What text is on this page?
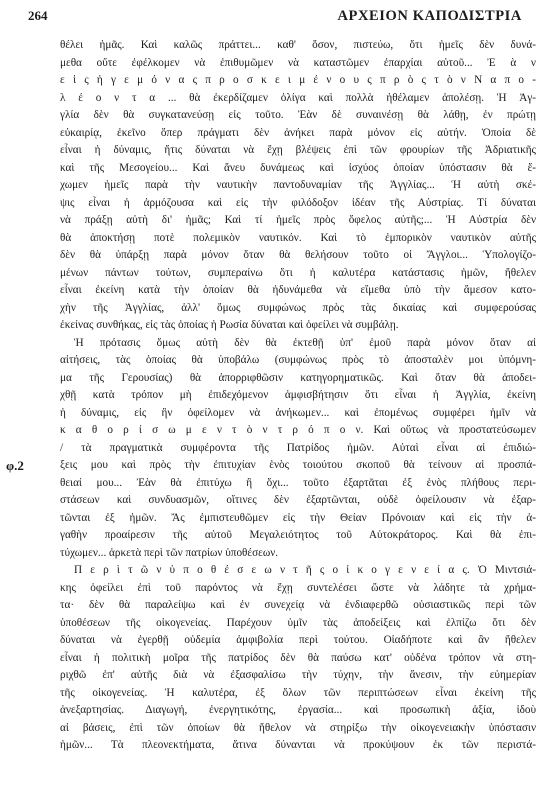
264	ΑΡΧΕΙΟΝ ΚΑΠΟΔΙΣΤΡΙΑ
φ.2
θέλει ἡμᾶς. Καὶ καλῶς πράττει... καθ' ὅσον, πιστεύω, ὅτι ἡμεῖς δὲν δυνά-
μεθα οὔτε ἐφέλκομεν νὰ ἐπιθυμῶμεν νὰ καταστῶμεν ἐπαρχίαι αὐτοῦ... Ἐ ὰ ν
ε ἰ ς ἡ γ ε μ ό ν α ς π ρ ο σ κ ε ι μ έ ν ο υ ς π ρ ὸ ς τ ὸ ν Ν α π ο -
λ έ ο ν τ α ... θὰ ἐκερδίζαμεν ὀλίγα καὶ πολλὰ ἠθέλαμεν ἀπολέσῃ. Ἡ Ἀγ-
γλία δὲν θὰ συγκατανεύσῃ εἰς τοῦτο. Ἐὰν δὲ συναινέσῃ θὰ λάθῃ, ἐν πρώτῃ
εὐκαιρίᾳ, ἐκεῖνο ὅπερ πράγματι δὲν ἀνήκει παρὰ μόνον εἰς αὐτήν. Ὁποία δὲ
εἶναι ἡ δύναμις, ἥτις δύναται νὰ ἔχῃ βλέψεις ἐπὶ τῶν φρουρίων τῆς Ἀδριατικῆς
καὶ τῆς Μεσογείου... Καὶ ἄνευ δυνάμεως καὶ ἰσχύος ὁποίαν ὑπόστασιν θὰ ἔ-
χωμεν ἡμεῖς παρὰ τὴν ναυτικὴν παντοδυναμίαν τῆς Ἀγγλίας... Ἡ αὐτὴ σκέ-
ψις εἶναι ἡ ἁρμόζουσα καὶ εἰς τὴν φιλόδοξον ἰδέαν τῆς Αὐστρίας. Τί δύναται
νὰ πράξῃ αὐτὴ δι' ἡμᾶς; Καὶ τί ἡμεῖς πρὸς ὄφελος αὐτῆς;... Ἡ Αὐστρία δὲν
θὰ ἀποκτήσῃ ποτὲ πολεμικὸν ναυτικόν. Καὶ τὸ ἐμπορικὸν ναυτικὸν αὐτῆς
δὲν θὰ ὑπάρξῃ παρὰ μόνον ὅταν θὰ θελήσουν τοῦτο οἱ Ἄγγλοι... Ὑπολογίζο-
μένων πάντων τούτων, συμπεραίνω ὅτι ἡ καλυτέρα κατάστασις ἡμῶν, ἤθελεν
εἶναι ἐκείνη κατὰ τὴν ὁποίαν θὰ ἠδυνάμεθα νὰ εἴμεθα ὑπὸ τὴν ἄμεσον κατο-
χὴν τῆς Ἀγγλίας, ἀλλ' ὅμως συμφώνως πρὸς τὰς δικαίας καὶ συμφερούσας
ἐκείνας συνθήκας, εἰς τὰς ὁποίας ἡ Ρωσία δύναται καὶ ὀφείλει νὰ συμβάλῃ.
Ἡ πρότασις ὅμως αὐτὴ δὲν θὰ ἐκτεθῇ ὑπ' ἐμοῦ παρὰ μόνον ὅταν αἱ
αἰτήσεις, τὰς ὁποίας θὰ ὑποβάλω (συμφώνως πρὸς τὸ ἀποσταλὲν μοι ὑπόμνη-
μα τῆς Γερουσίας) θὰ ἀπορριφθῶσιν κατηγορηματικῶς. Καὶ ὅταν θὰ ἀποδει-
χθῇ κατὰ τρόπον μὴ ἐπιδεχόμενον ἀμφισβήτησιν ὅτι εἶναι ἡ Ἀγγλία, ἐκείνη
ἡ δύναμις, εἰς ἣν ὀφείλομεν νὰ ἀνήκωμεν... καὶ ἐπομένως συμφέρει ἡμῖν νὰ
κ α θ ο ρ ί σ ω μ ε ν τ ὸ ν τ ρ ό π ο ν. Καὶ οὕτως νὰ προστατεύσωμεν
/ τὰ πραγματικὰ συμφέροντα τῆς Πατρίδος ἡμῶν. Αὐταὶ εἶναι αἱ ἐπιδιώ-
ξεις μου καὶ πρὸς τὴν ἐπιτυχίαν ἑνὸς τοιούτου σκοποῦ θὰ τείνουν αἱ προσπά-
θειαί μου... Ἐὰν θὰ ἐπιτύχω ἢ ὄχι... τοῦτο ἐξαρτᾶται ἐξ ἑνὸς πλήθους περι-
στάσεων καὶ συνδυασμῶν, οἵτινες δὲν ἐξαρτῶνται, οὐδὲ ὀφείλουσιν νὰ ἐξαρ-
τῶνται ἐξ ἡμῶν. Ἄς ἐμπιστευθῶμεν εἰς τὴν Θείαν Πρόνοιαν καὶ εἰς τὴν ἀ-
γαθὴν προαίρεσιν τῆς αὐτοῦ Μεγαλειότητος τοῦ Αὐτοκράτορος. Καὶ θὰ ἐπι-
τύχωμεν... ἀρκετὰ περὶ τῶν πατρίων ὑποθέσεων.
Π ε ρ ὶ τ ῶ ν ὑ π ο θ έ σ ε ω ν τ ῆ ς ο ἰ κ ο γ ε ν ε ί α ς. Ὁ Μιντσιά-
κης ὀφείλει ἐπὶ τοῦ παρόντος νὰ ἔχῃ συντελέσει ὥστε νὰ λάδητε τὰ χρήμα-
τα· δὲν θὰ παραλείψω καὶ ἐν συνεχείᾳ νὰ ἐνδιαφερθῶ οὐσιαστικῶς περὶ τῶν
ὑποθέσεων τῆς οἰκογενείας. Παρέχουν ὑμῖν τὰς ἀποδείξεις καὶ ἐλπίζω ὅτι δὲν
δύναται νὰ ἐγερθῇ οὐδεμία ἀμφιβολία περὶ τούτου. Οἱαδήποτε καὶ ἂν ἤθελεν
εἶναι ἡ πολιτικὴ μοῖρα τῆς πατρίδος δὲν θὰ παύσω κατ' οὐδένα τρόπον νὰ στη-
ριχθῶ ἐπ' αὐτῆς διὰ νὰ ἐξασφαλίσω τὴν τύχην, τὴν ἄνεσιν, τὴν εὐημερίαν
τῆς οἰκογενείας. Ἡ καλυτέρα, ἐξ ὅλων τῶν περιπτώσεων εἶναι ἐκείνη τῆς
ἀνεξαρτησίας. Διαγωγή, ἐνεργητικότης, ἐργασία... καὶ προσωπικὴ ἀξία, ἰδοὺ
αἱ βάσεις, ἐπὶ τῶν ὁποίων θὰ ἤθελον νὰ στηρίξω τὴν οἰκογενειακὴν ὑπόστασιν
ἡμῶν... Τὰ πλεονεκτήματα, ἅτινα δύνανται νὰ προκύψουν ἐκ τῶν περιστά-
